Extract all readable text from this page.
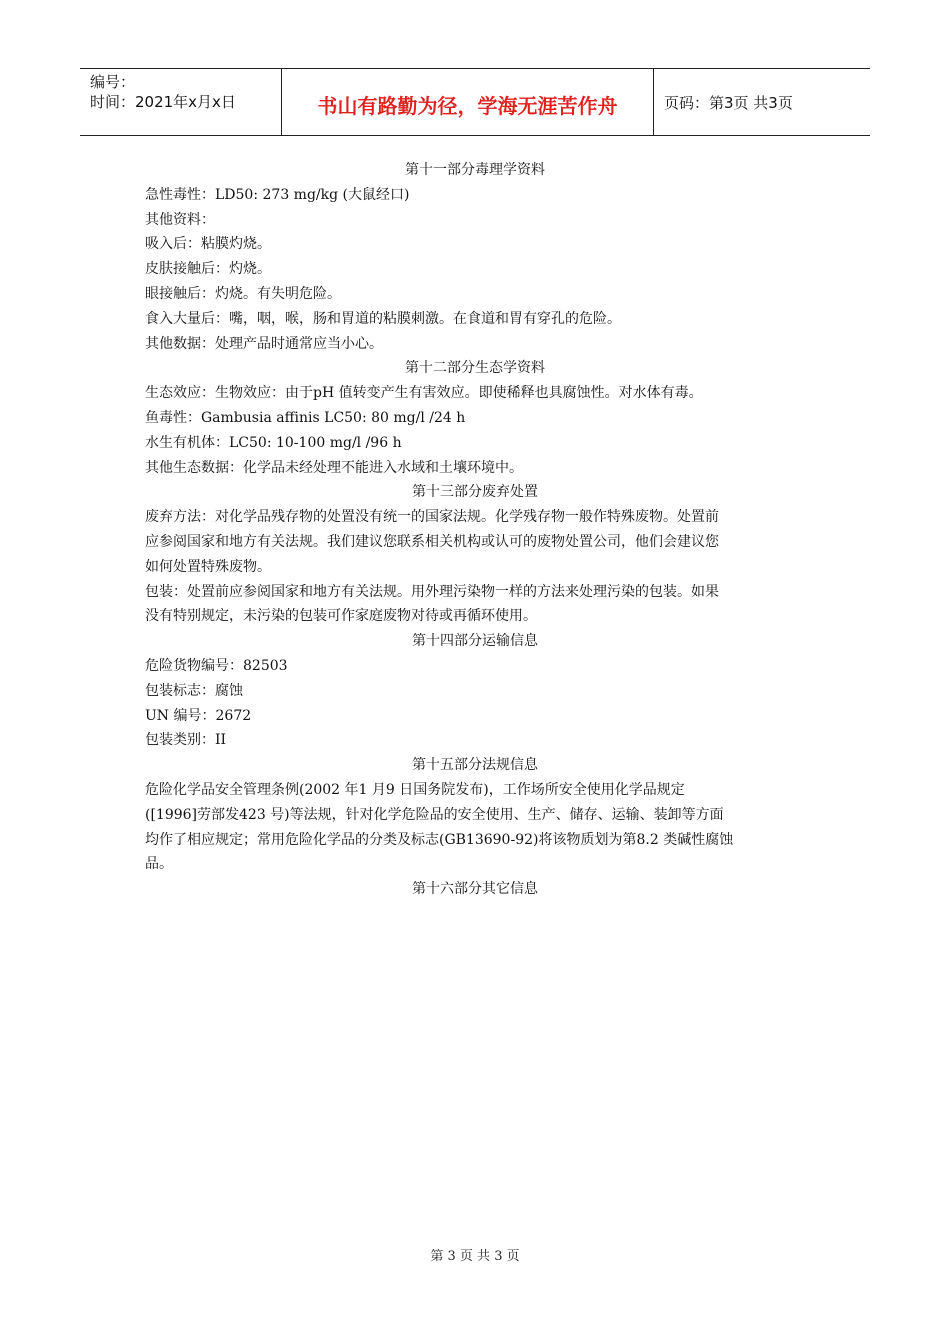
编号：
时间：2021年x月x日	书山有路勤为径，学海无涯苦作舟	页码：第3页 共3页

第十一部分毒理学资料

急性毒性：LD50: 273 mg/kg (大鼠经口)

其他资料：

吸入后：粘膜灼烧。

皮肤接触后：灼烧。

眼接触后：灼烧。有失明危险。

食入大量后：嘴，咽，喉，肠和胃道的粘膜刺激。在食道和胃有穿孔的危险。

其他数据：处理产品时通常应当小心。

第十二部分生态学资料

生态效应：生物效应：由于pH 值转变产生有害效应。即使稀释也具腐蚀性。对水体有毒。

鱼毒性：Gambusia affinis LC50: 80 mg/l /24 h

水生有机体：LC50: 10-100 mg/l /96 h

其他生态数据：化学品未经处理不能进入水域和土壤环境中。

第十三部分废弃处置

废弃方法：对化学品残存物的处置没有统一的国家法规。化学残存物一般作特殊废物。处置前

应参阅国家和地方有关法规。我们建议您联系相关机构或认可的废物处置公司，他们会建议您

如何处置特殊废物。

包装：处置前应参阅国家和地方有关法规。用外理污染物一样的方法来处理污染的包装。如果

没有特别规定，未污染的包装可作家庭废物对待或再循环使用。

第十四部分运输信息

危险货物编号：82503

包装标志：腐蚀

UN 编号：2672

包装类别：II

第十五部分法规信息

危险化学品安全管理条例(2002 年1 月9 日国务院发布)，工作场所安全使用化学品规定

([1996]劳部发423 号)等法规，针对化学危险品的安全使用、生产、储存、运输、装卸等方面

均作了相应规定；常用危险化学品的分类及标志(GB13690-92)将该物质划为第8.2 类碱性腐蚀

品。

第十六部分其它信息

第 3 页 共 3 页
